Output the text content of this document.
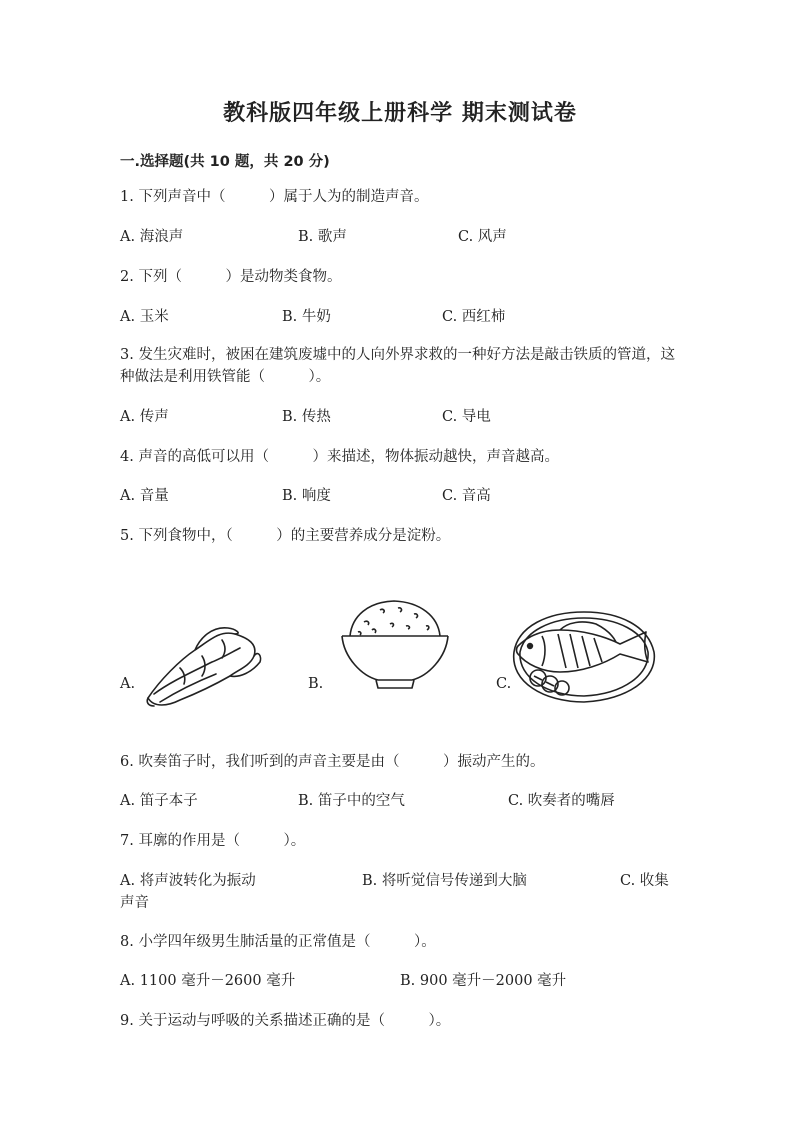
教科版四年级上册科学 期末测试卷
一.选择题(共 10 题，共 20 分)
1. 下列声音中（　　　）属于人为的制造声音。
A. 海浪声	B. 歌声	C. 风声
2. 下列（　　　）是动物类食物。
A. 玉米	B. 牛奶	C. 西红柿
3. 发生灾难时，被困在建筑废墟中的人向外界求救的一种好方法是敲击铁质的管道，这种做法是利用铁管能（　　　）。
A. 传声	B. 传热	C. 导电
4. 声音的高低可以用（　　　）来描述，物体振动越快，声音越高。
A. 音量	B. 响度	C. 音高
5. 下列食物中，（　　　）的主要营养成分是淀粉。
A.	B.	C.
6. 吹奏笛子时，我们听到的声音主要是由（　　　）振动产生的。
A. 笛子本子	B. 笛子中的空气	C. 吹奏者的嘴唇
7. 耳廓的作用是（　　　）。
A. 将声波转化为振动	B. 将听觉信号传递到大脑	C. 收集
声音
8. 小学四年级男生肺活量的正常值是（　　　）。
A. 1100 毫升－2600 毫升	B. 900 毫升－2000 毫升
9. 关于运动与呼吸的关系描述正确的是（　　　）。
